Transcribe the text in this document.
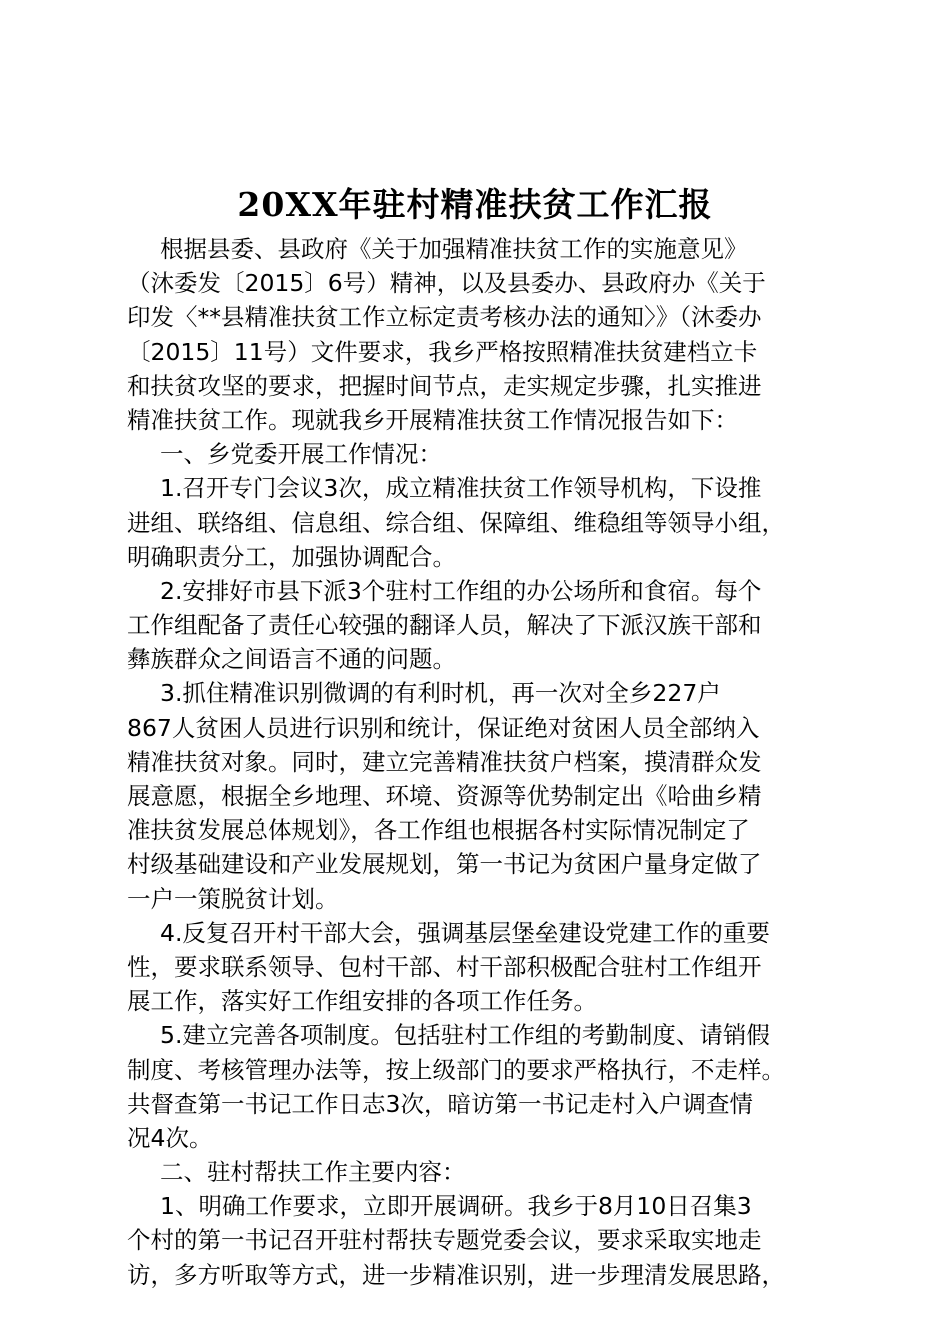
20XX年驻村精准扶贫工作汇报
根据县委、县政府《关于加强精准扶贫工作的实施意见》
（沐委发〔2015〕6号）精神，以及县委办、县政府办《关于
印发〈**县精准扶贫工作立标定责考核办法的通知〉》（沐委办
〔2015〕11号）文件要求，我乡严格按照精准扶贫建档立卡
和扶贫攻坚的要求，把握时间节点，走实规定步骤，扎实推进
精准扶贫工作。现就我乡开展精准扶贫工作情况报告如下：
一、乡党委开展工作情况：
1.召开专门会议3次，成立精准扶贫工作领导机构，下设推
进组、联络组、信息组、综合组、保障组、维稳组等领导小组，
明确职责分工，加强协调配合。
2.安排好市县下派3个驻村工作组的办公场所和食宿。每个
工作组配备了责任心较强的翻译人员，解决了下派汉族干部和
彝族群众之间语言不通的问题。
3.抓住精准识别微调的有利时机，再一次对全乡227户
867人贫困人员进行识别和统计，保证绝对贫困人员全部纳入
精准扶贫对象。同时，建立完善精准扶贫户档案，摸清群众发
展意愿，根据全乡地理、环境、资源等优势制定出《哈曲乡精
准扶贫发展总体规划》，各工作组也根据各村实际情况制定了
村级基础建设和产业发展规划，第一书记为贫困户量身定做了
一户一策脱贫计划。
4.反复召开村干部大会，强调基层堡垒建设党建工作的重要
性，要求联系领导、包村干部、村干部积极配合驻村工作组开
展工作，落实好工作组安排的各项工作任务。
5.建立完善各项制度。包括驻村工作组的考勤制度、请销假
制度、考核管理办法等，按上级部门的要求严格执行，不走样。
共督查第一书记工作日志3次，暗访第一书记走村入户调查情
况4次。
二、驻村帮扶工作主要内容：
1、明确工作要求，立即开展调研。我乡于8月10日召集3
个村的第一书记召开驻村帮扶专题党委会议，要求采取实地走
访，多方听取等方式，进一步精准识别，进一步理清发展思路，
